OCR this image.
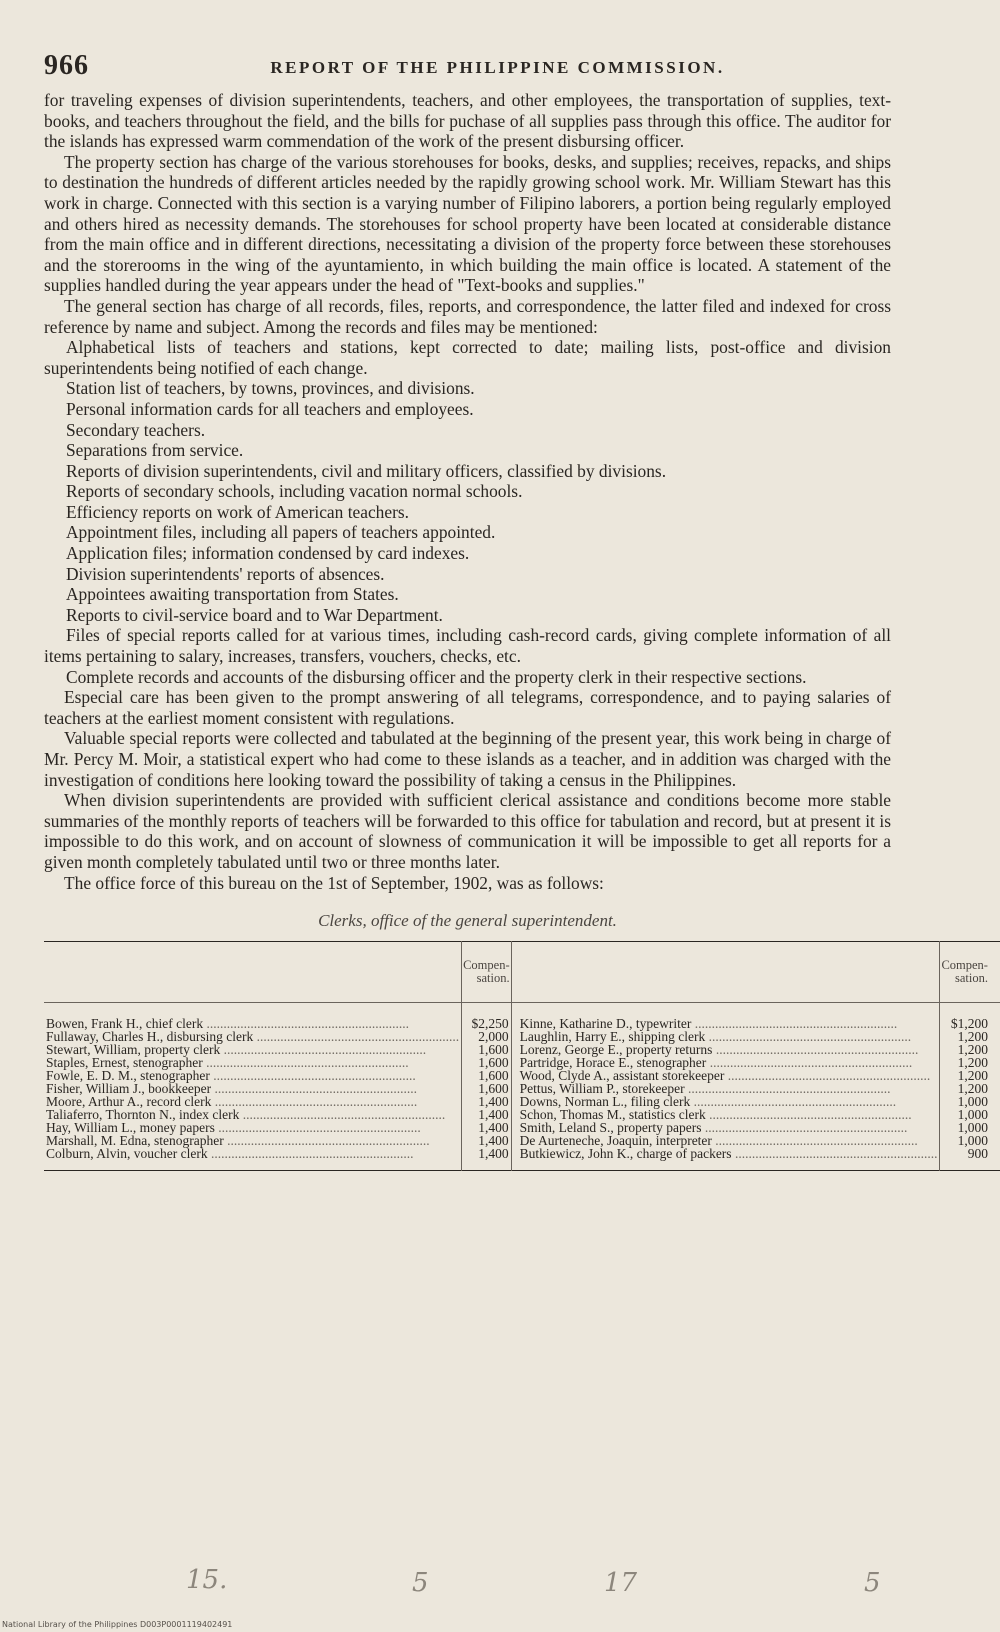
966	REPORT OF THE PHILIPPINE COMMISSION.

for traveling expenses of division superintendents, teachers, and other employees, the transportation of supplies, text-books, and teachers throughout the field, and the bills for puchase of all supplies pass through this office. The auditor for the islands has expressed warm commendation of the work of the present disbursing officer.

The property section has charge of the various storehouses for books, desks, and supplies; receives, repacks, and ships to destination the hundreds of different articles needed by the rapidly growing school work. Mr. William Stewart has this work in charge. Connected with this section is a varying number of Filipino laborers, a portion being regularly employed and others hired as necessity demands. The storehouses for school property have been located at considerable distance from the main office and in different directions, necessitating a division of the property force between these storehouses and the storerooms in the wing of the ayuntamiento, in which building the main office is located. A statement of the supplies handled during the year appears under the head of "Text-books and supplies."

The general section has charge of all records, files, reports, and correspondence, the latter filed and indexed for cross reference by name and subject. Among the records and files may be mentioned:

Alphabetical lists of teachers and stations, kept corrected to date; mailing lists, post-office and division superintendents being notified of each change.

Station list of teachers, by towns, provinces, and divisions.

Personal information cards for all teachers and employees.

Secondary teachers.

Separations from service.

Reports of division superintendents, civil and military officers, classified by divisions.

Reports of secondary schools, including vacation normal schools.

Efficiency reports on work of American teachers.

Appointment files, including all papers of teachers appointed.

Application files; information condensed by card indexes.

Division superintendents' reports of absences.

Appointees awaiting transportation from States.

Reports to civil-service board and to War Department.

Files of special reports called for at various times, including cash-record cards, giving complete information of all items pertaining to salary, increases, transfers, vouchers, checks, etc.

Complete records and accounts of the disbursing officer and the property clerk in their respective sections.

Especial care has been given to the prompt answering of all telegrams, correspondence, and to paying salaries of teachers at the earliest moment consistent with regulations.

Valuable special reports were collected and tabulated at the beginning of the present year, this work being in charge of Mr. Percy M. Moir, a statistical expert who had come to these islands as a teacher, and in addition was charged with the investigation of conditions here looking toward the possibility of taking a census in the Philippines.

When division superintendents are provided with sufficient clerical assistance and conditions become more stable summaries of the monthly reports of teachers will be forwarded to this office for tabulation and record, but at present it is impossible to do this work, and on account of slowness of communication it will be impossible to get all reports for a given month completely tabulated until two or three months later.

The office force of this bureau on the 1st of September, 1902, was as follows:

Clerks, office of the general superintendent.
	Compen- sation.		Compen- sation.
Bowen, Frank H., chief clerk ............................................................	$2,250	Kinne, Katharine D., typewriter ............................................................	$1,200
Fullaway, Charles H., disbursing clerk ............................................................	2,000	Laughlin, Harry E., shipping clerk ............................................................	1,200
Stewart, William, property clerk ............................................................	1,600	Lorenz, George E., property returns ............................................................	1,200
Staples, Ernest, stenographer ............................................................	1,600	Partridge, Horace E., stenographer ............................................................	1,200
Fowle, E. D. M., stenographer ............................................................	1,600	Wood, Clyde A., assistant storekeeper ............................................................	1,200
Fisher, William J., bookkeeper ............................................................	1,600	Pettus, William P., storekeeper ............................................................	1,200
Moore, Arthur A., record clerk ............................................................	1,400	Downs, Norman L., filing clerk ............................................................	1,000
Taliaferro, Thornton N., index clerk ............................................................	1,400	Schon, Thomas M., statistics clerk ............................................................	1,000
Hay, William L., money papers ............................................................	1,400	Smith, Leland S., property papers ............................................................	1,000
Marshall, M. Edna, stenographer ............................................................	1,400	De Aurteneche, Joaquin, interpreter ............................................................	1,000
Colburn, Alvin, voucher clerk ............................................................	1,400	Butkiewicz, John K., charge of packers ............................................................	900
15.	5	17	5
National Library of the Philippines D003P0001119402491
